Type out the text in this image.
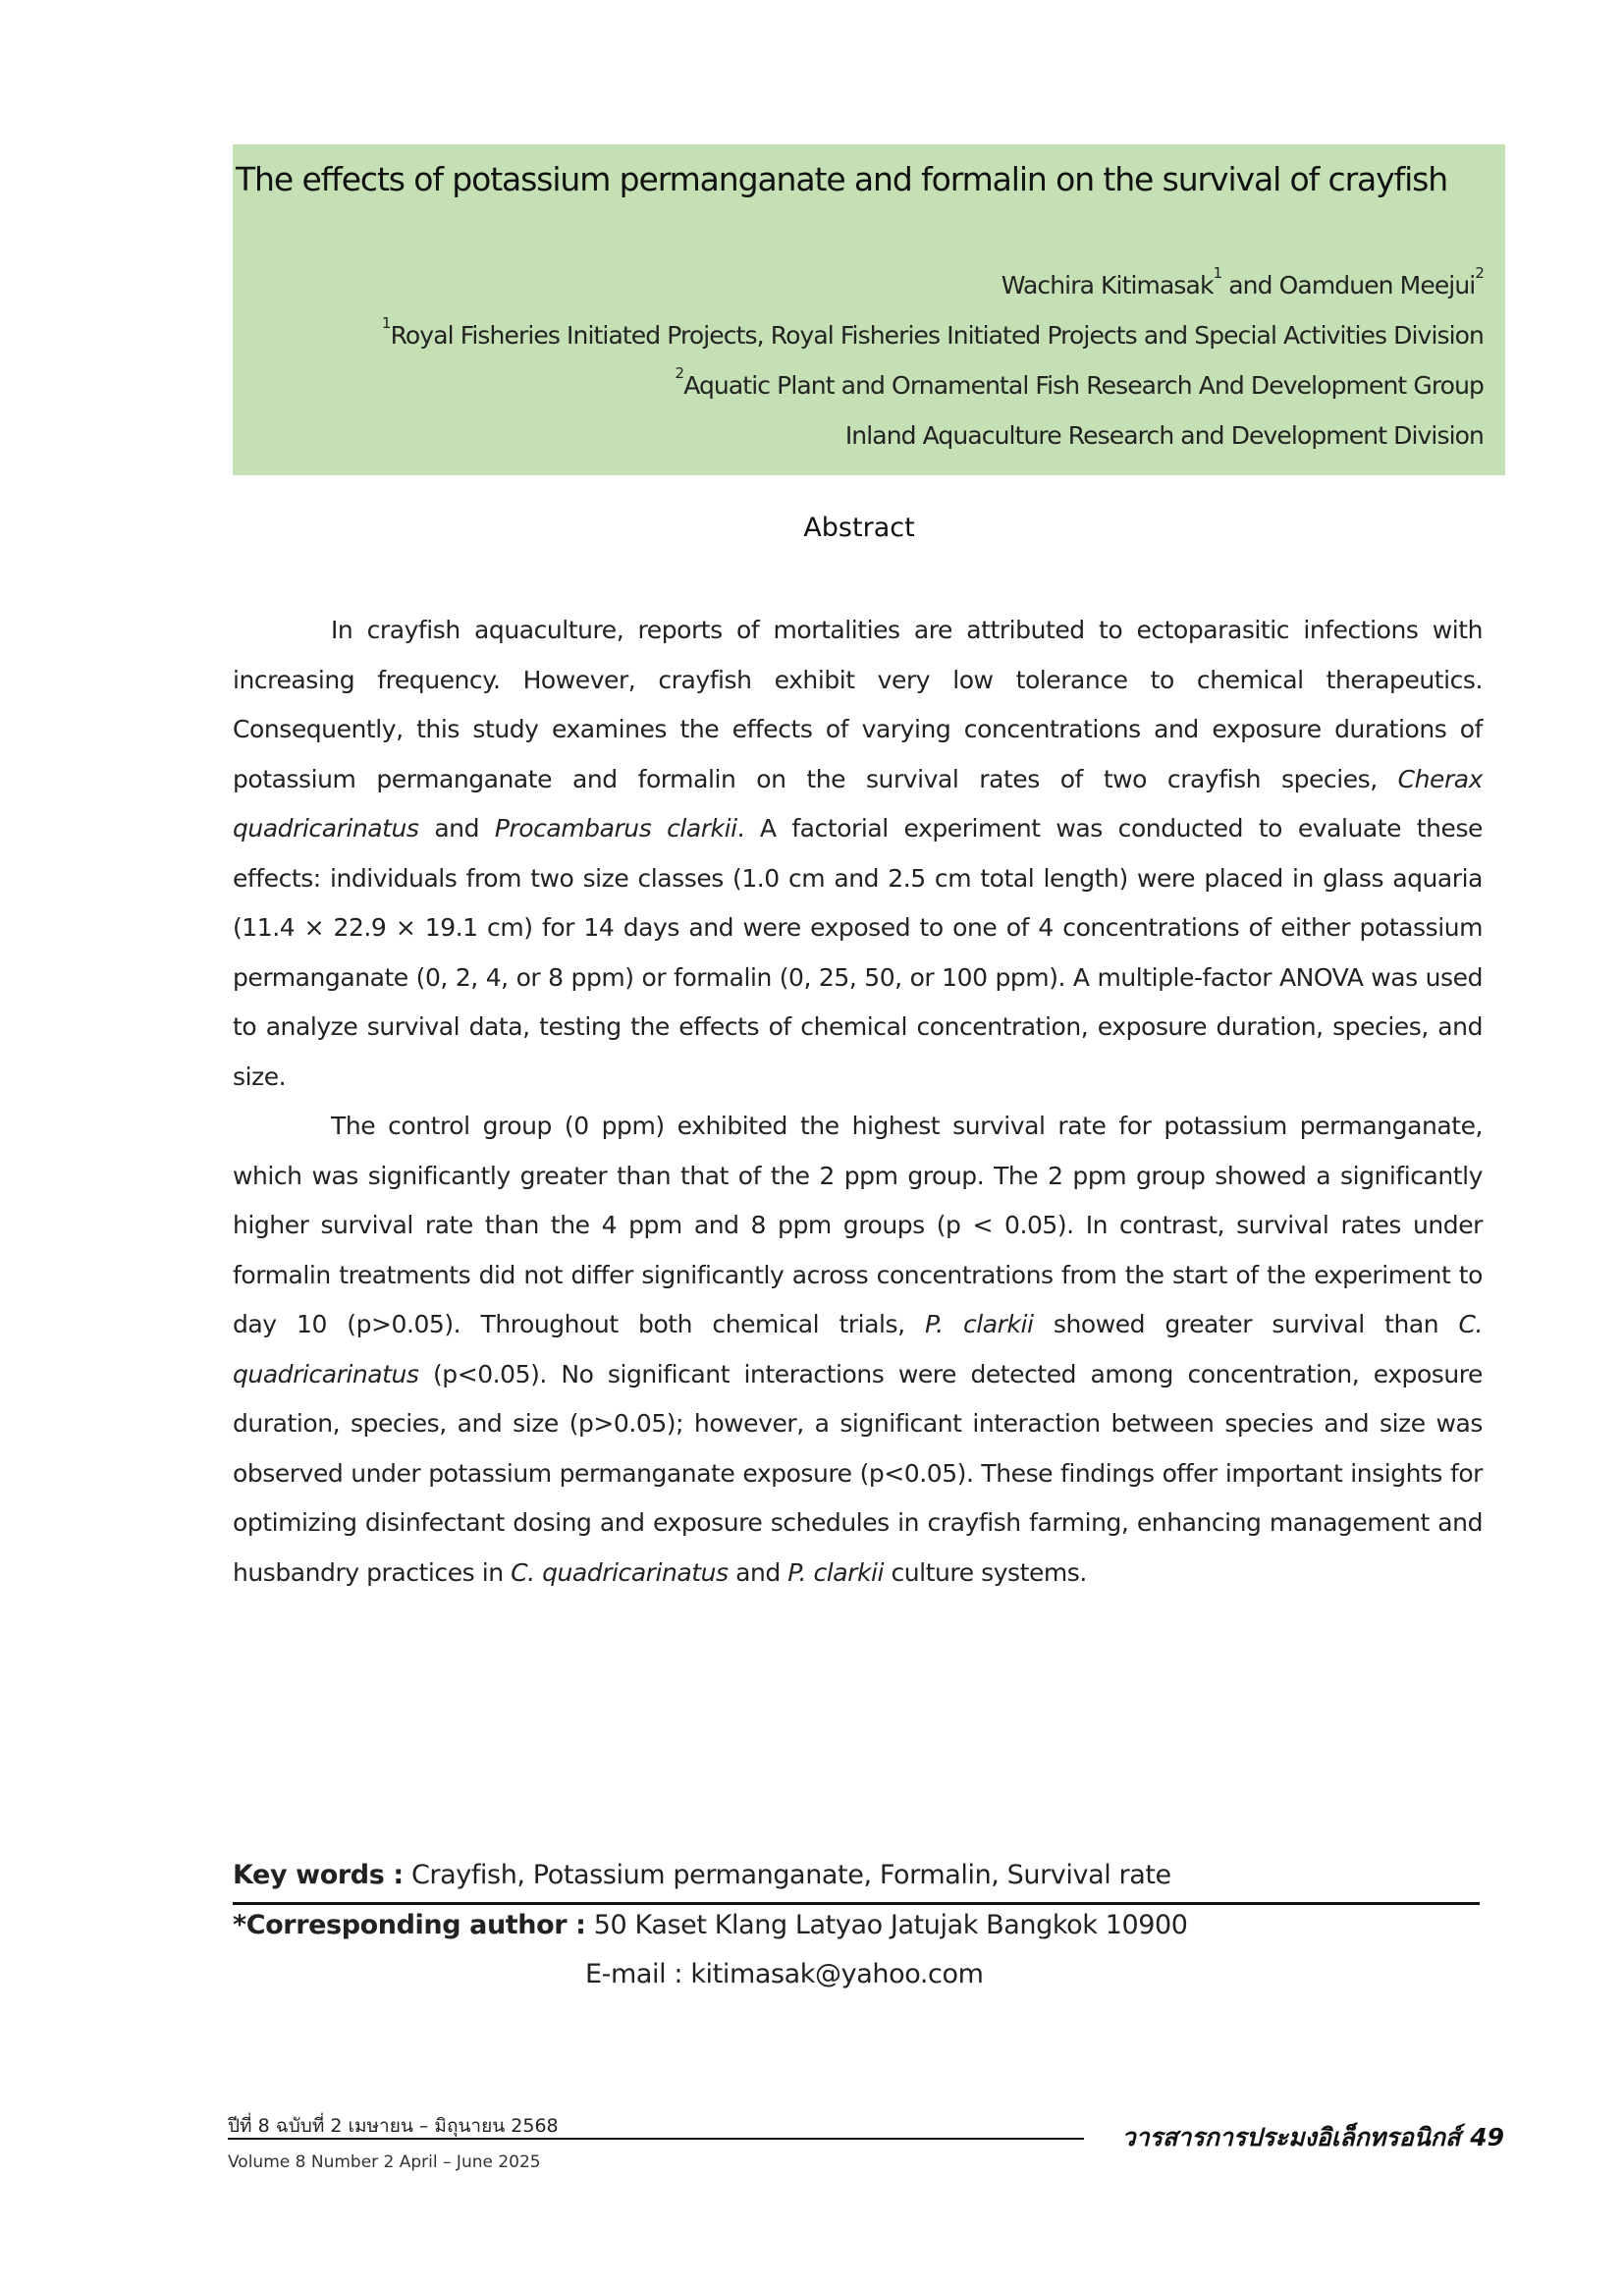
The effects of potassium permanganate and formalin on the survival of crayfish
Wachira Kitimasak$^1$ and Oamduen Meejui$^2$
$^1$Royal Fisheries Initiated Projects, Royal Fisheries Initiated Projects and Special Activities Division
$^2$Aquatic Plant and Ornamental Fish Research And Development Group
Inland Aquaculture Research and Development Division
Abstract

In crayfish aquaculture, reports of mortalities are attributed to ectoparasitic infections with increasing frequency. However, crayfish exhibit very low tolerance to chemical therapeutics. Consequently, this study examines the effects of varying concentrations and exposure durations of potassium permanganate and formalin on the survival rates of two crayfish species, Cherax quadricarinatus and Procambarus clarkii. A factorial experiment was conducted to evaluate these effects: individuals from two size classes (1.0 cm and 2.5 cm total length) were placed in glass aquaria (11.4 × 22.9 × 19.1 cm) for 14 days and were exposed to one of 4 concentrations of either potassium permanganate (0, 2, 4, or 8 ppm) or formalin (0, 25, 50, or 100 ppm). A multiple-factor ANOVA was used to analyze survival data, testing the effects of chemical concentration, exposure duration, species, and size.

The control group (0 ppm) exhibited the highest survival rate for potassium permanganate, which was significantly greater than that of the 2 ppm group. The 2 ppm group showed a significantly higher survival rate than the 4 ppm and 8 ppm groups (p < 0.05). In contrast, survival rates under formalin treatments did not differ significantly across concentrations from the start of the experiment to day 10 (p>0.05). Throughout both chemical trials, P. clarkii showed greater survival than C. quadricarinatus (p<0.05). No significant interactions were detected among concentration, exposure duration, species, and size (p>0.05); however, a significant interaction between species and size was observed under potassium permanganate exposure (p<0.05). These findings offer important insights for optimizing disinfectant dosing and exposure schedules in crayfish farming, enhancing management and husbandry practices in C. quadricarinatus and P. clarkii culture systems.

Key words : Crayfish, Potassium permanganate, Formalin, Survival rate
*Corresponding author : 50 Kaset Klang Latyao Jatujak Bangkok 10900
E-mail : kitimasak@yahoo.com
ปีที่ 8 ฉบับที่ 2 เมษายน – มิถุนายน 2568
Volume 8 Number 2 April – June 2025
วารสารการประมงอิเล็กทรอนิกส์ 49
